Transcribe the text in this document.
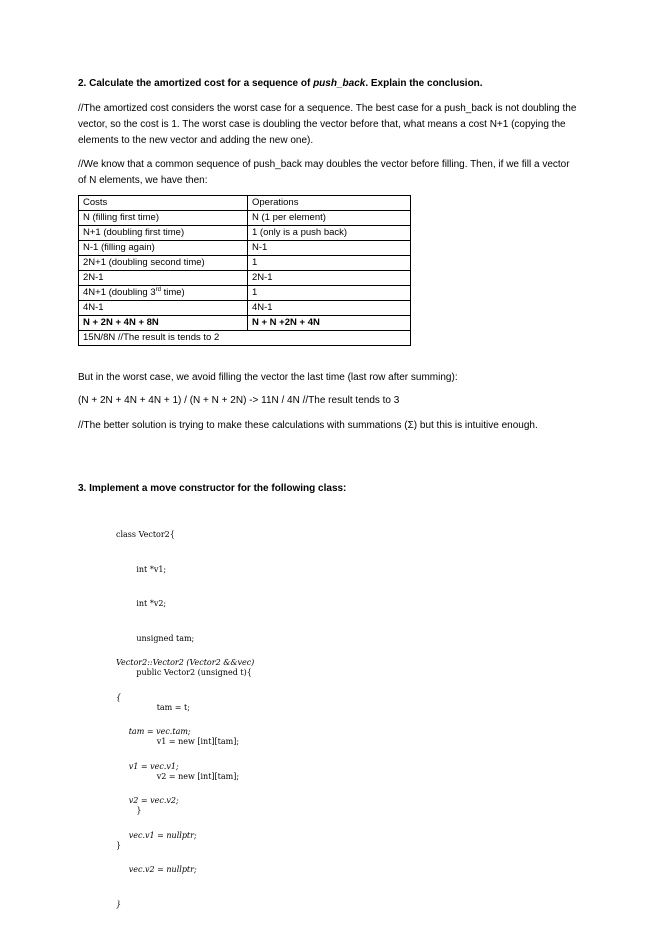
2. Calculate the amortized cost for a sequence of push_back. Explain the conclusion.
//The amortized cost considers the worst case for a sequence. The best case for a push_back is not doubling the vector, so the cost is 1. The worst case is doubling the vector before that, what means a cost N+1 (copying the elements to the new vector and adding the new one).
//We know that a common sequence of push_back may doubles the vector before filling. Then, if we fill a vector of N elements, we have then:
Costs	Operations
N (filling first time)	N (1 per element)
N+1 (doubling first time)	1 (only is a push back)
N-1 (filling again)	N-1
2N+1 (doubling second time)	1
2N-1	2N-1
4N+1 (doubling 3rd time)	1
4N-1	4N-1
N + 2N + 4N + 8N	N + N +2N + 4N
15N/8N //The result is tends to 2	
But in the worst case, we avoid filling the vector the last time (last row after summing):
(N + 2N + 4N + 4N + 1) / (N + N + 2N) -> 11N / 4N //The result tends to 3
//The better solution is trying to make these calculations with summations (Σ) but this is intuitive enough.
3. Implement a move constructor for the following class:

class Vector2{

int *v1;

int *v2;

unsigned tam;

public Vector2 (unsigned t){

tam = t;

v1 = new [int][tam];

v2 = new [int][tam];

}

}

Vector2::Vector2 (Vector2 &&vec)

{

tam = vec.tam;

v1 = vec.v1;

v2 = vec.v2;

vec.v1 = nullptr;

vec.v2 = nullptr;

}
